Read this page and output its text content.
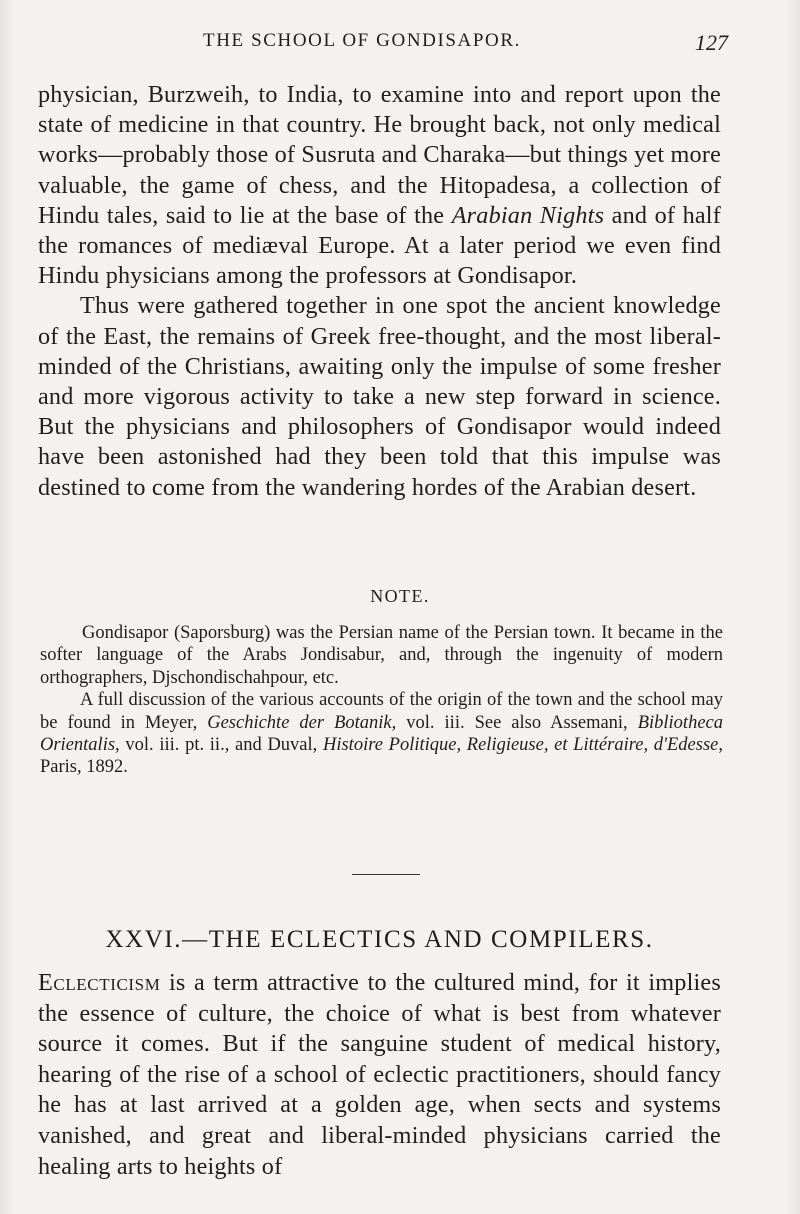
THE SCHOOL OF GONDISAPOR.	127

physician, Burzweih, to India, to examine into and report upon the state of medicine in that country. He brought back, not only medical works—probably those of Susruta and Charaka—but things yet more valuable, the game of chess, and the Hitopadesa, a collection of Hindu tales, said to lie at the base of the Arabian Nights and of half the romances of mediæval Europe. At a later period we even find Hindu physicians among the professors at Gondisapor.

Thus were gathered together in one spot the ancient knowledge of the East, the remains of Greek free-thought, and the most liberal-minded of the Christians, awaiting only the impulse of some fresher and more vigorous activity to take a new step forward in science. But the physicians and philosophers of Gondisapor would indeed have been astonished had they been told that this impulse was destined to come from the wandering hordes of the Arabian desert.

NOTE.

Gondisapor (Saporsburg) was the Persian name of the Persian town. It became in the softer language of the Arabs Jondisabur, and, through the ingenuity of modern orthographers, Djschondischahpour, etc.

A full discussion of the various accounts of the origin of the town and the school may be found in Meyer, Geschichte der Botanik, vol. iii. See also Assemani, Bibliotheca Orientalis, vol. iii. pt. ii., and Duval, Histoire Politique, Religieuse, et Littéraire, d'Edesse, Paris, 1892.

XXVI.—THE ECLECTICS AND COMPILERS.

Eclecticism is a term attractive to the cultured mind, for it implies the essence of culture, the choice of what is best from whatever source it comes. But if the sanguine student of medical history, hearing of the rise of a school of eclectic practitioners, should fancy he has at last arrived at a golden age, when sects and systems vanished, and great and liberal-minded physicians carried the healing arts to heights of
